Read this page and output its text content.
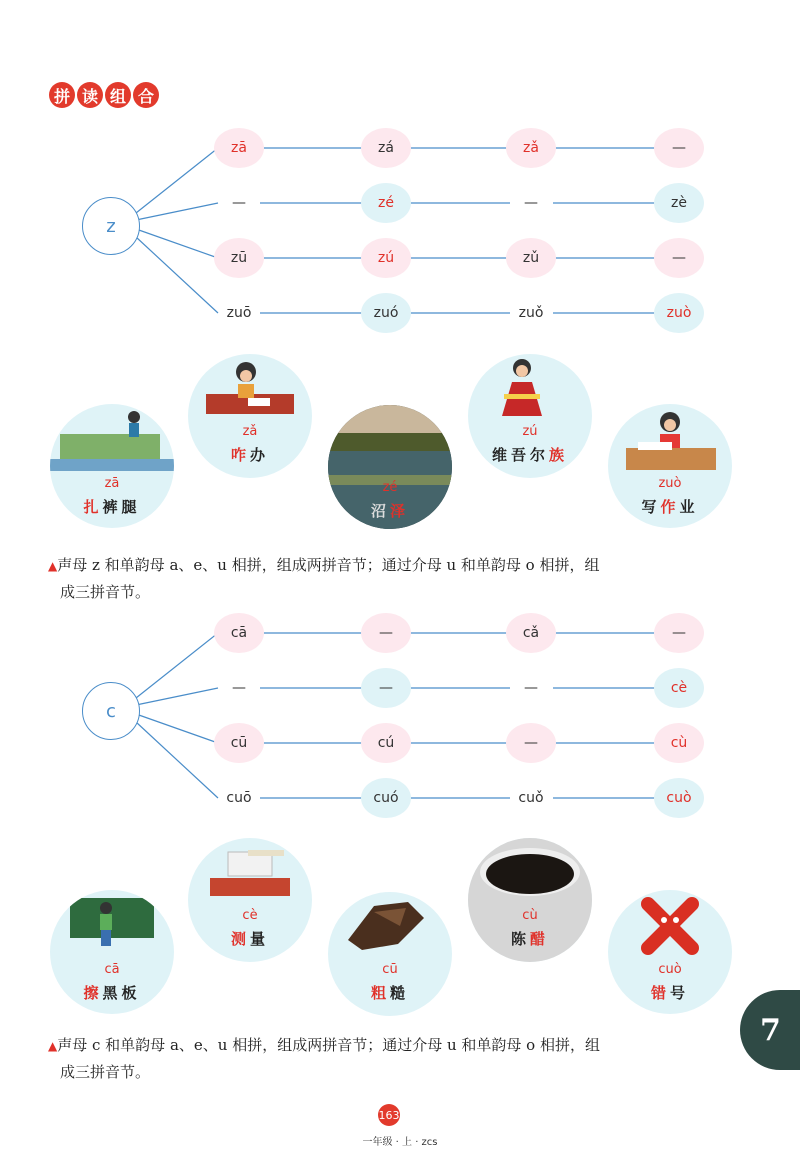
拼 读 组 合
z
zā	zá	zǎ	—
—	zé	—	zè
zū	zú	zǔ	—
zuō	zuó	zuǒ	zuò
zā
扎裤腿
zǎ
咋办
zé
沼泽
zú
维吾尔族
zuò
写作业
▲声母 z 和单韵母 a、e、u 相拼，组成两拼音节；通过介母 u 和单韵母 o 相拼，组
成三拼音节。
c
cā	—	cǎ	—
—	—	—	cè
cū	cú	—	cù
cuō	cuó	cuǒ	cuò
cā
擦黑板
cè
测量
cū
粗糙
cù
陈醋
cuò
错号
▲声母 c 和单韵母 a、e、u 相拼，组成两拼音节；通过介母 u 和单韵母 o 相拼，组
成三拼音节。
7
163
一年级 · 上 · zcs
